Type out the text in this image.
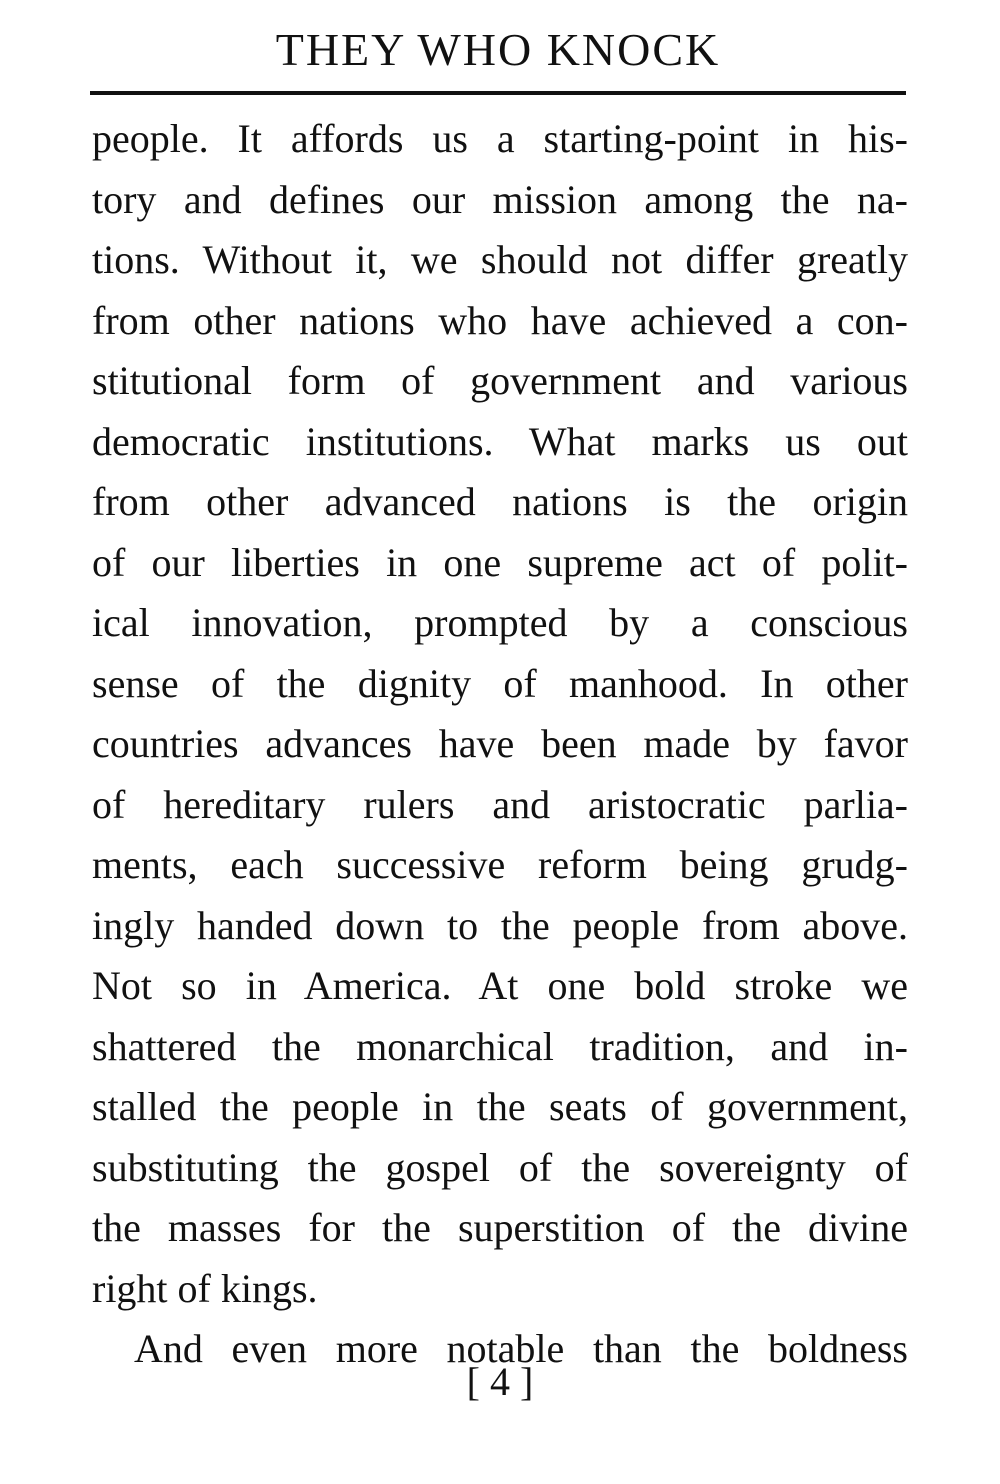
THEY WHO KNOCK
people. It affords us a starting-point in his-
tory and defines our mission among the na-
tions. Without it, we should not differ greatly
from other nations who have achieved a con-
stitutional form of government and various
democratic institutions. What marks us out
from other advanced nations is the origin
of our liberties in one supreme act of polit-
ical innovation, prompted by a conscious
sense of the dignity of manhood. In other
countries advances have been made by favor
of hereditary rulers and aristocratic parlia-
ments, each successive reform being grudg-
ingly handed down to the people from above.
Not so in America. At one bold stroke we
shattered the monarchical tradition, and in-
stalled the people in the seats of government,
substituting the gospel of the sovereignty of
the masses for the superstition of the divine
right of kings.
And even more notable than the boldness
[ 4 ]
